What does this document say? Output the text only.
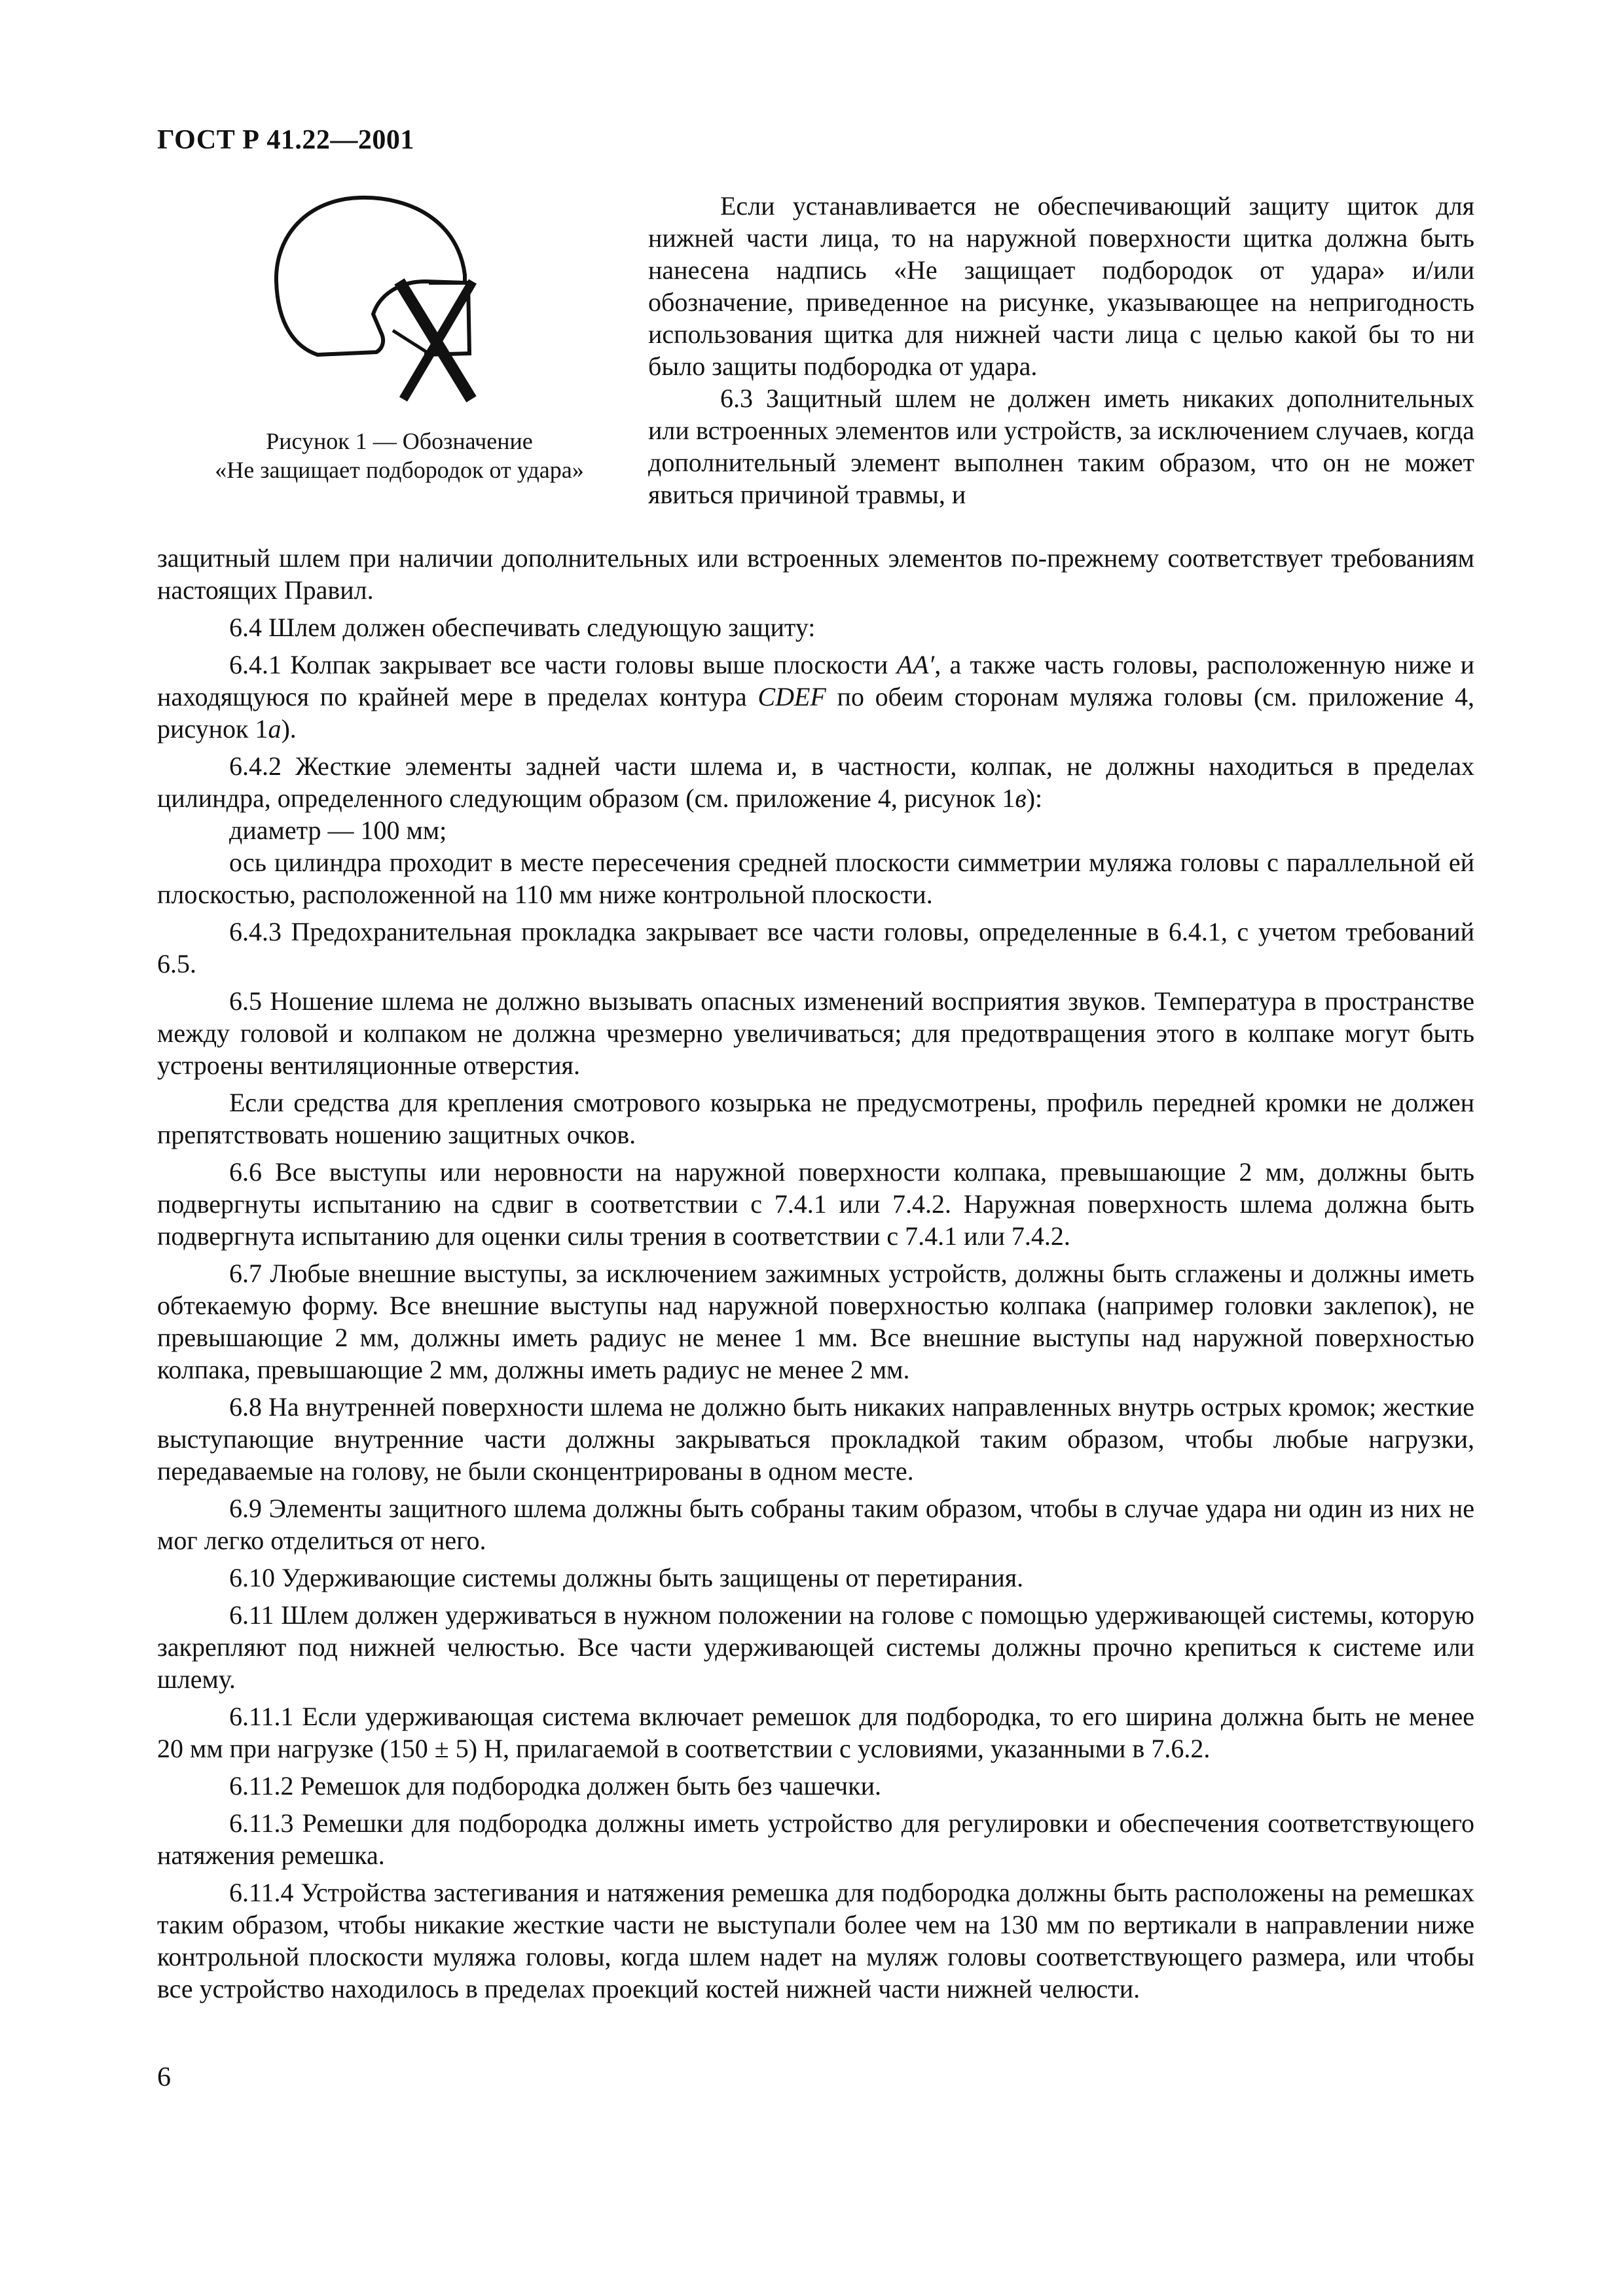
ГОСТ Р 41.22—2001
Рисунок 1 — Обозначение
«Не защищает подбородок от удара»

Если устанавливается не обеспечивающий защиту щиток для нижней части лица, то на наружной поверхности щитка должна быть нанесена надпись «Не защищает подбородок от удара» и/или обозначение, приведенное на рисунке, указывающее на непригодность использования щитка для нижней части лица с целью какой бы то ни было защиты подбородка от удара.

6.3 Защитный шлем не должен иметь никаких дополнительных или встроенных элементов или устройств, за исключением случаев, когда дополнительный элемент выполнен таким образом, что он не может явиться причиной травмы, и

защитный шлем при наличии дополнительных или встроенных элементов по-прежнему соответствует требованиям настоящих Правил.

6.4 Шлем должен обеспечивать следующую защиту:

6.4.1 Колпак закрывает все части головы выше плоскости AA′, а также часть головы, расположенную ниже и находящуюся по крайней мере в пределах контура CDEF по обеим сторонам муляжа головы (см. приложение 4, рисунок 1а).

6.4.2 Жесткие элементы задней части шлема и, в частности, колпак, не должны находиться в пределах цилиндра, определенного следующим образом (см. приложение 4, рисунок 1в):

диаметр — 100 мм;

ось цилиндра проходит в месте пересечения средней плоскости симметрии муляжа головы с параллельной ей плоскостью, расположенной на 110 мм ниже контрольной плоскости.

6.4.3 Предохранительная прокладка закрывает все части головы, определенные в 6.4.1, с учетом требований 6.5.

6.5 Ношение шлема не должно вызывать опасных изменений восприятия звуков. Температура в пространстве между головой и колпаком не должна чрезмерно увеличиваться; для предотвращения этого в колпаке могут быть устроены вентиляционные отверстия.

Если средства для крепления смотрового козырька не предусмотрены, профиль передней кромки не должен препятствовать ношению защитных очков.

6.6 Все выступы или неровности на наружной поверхности колпака, превышающие 2 мм, должны быть подвергнуты испытанию на сдвиг в соответствии с 7.4.1 или 7.4.2. Наружная поверхность шлема должна быть подвергнута испытанию для оценки силы трения в соответствии с 7.4.1 или 7.4.2.

6.7 Любые внешние выступы, за исключением зажимных устройств, должны быть сглажены и должны иметь обтекаемую форму. Все внешние выступы над наружной поверхностью колпака (например головки заклепок), не превышающие 2 мм, должны иметь радиус не менее 1 мм. Все внешние выступы над наружной поверхностью колпака, превышающие 2 мм, должны иметь радиус не менее 2 мм.

6.8 На внутренней поверхности шлема не должно быть никаких направленных внутрь острых кромок; жесткие выступающие внутренние части должны закрываться прокладкой таким образом, чтобы любые нагрузки, передаваемые на голову, не были сконцентрированы в одном месте.

6.9 Элементы защитного шлема должны быть собраны таким образом, чтобы в случае удара ни один из них не мог легко отделиться от него.

6.10 Удерживающие системы должны быть защищены от перетирания.

6.11 Шлем должен удерживаться в нужном положении на голове с помощью удерживающей системы, которую закрепляют под нижней челюстью. Все части удерживающей системы должны прочно крепиться к системе или шлему.

6.11.1 Если удерживающая система включает ремешок для подбородка, то его ширина должна быть не менее 20 мм при нагрузке (150 ± 5) Н, прилагаемой в соответствии с условиями, указанными в 7.6.2.

6.11.2 Ремешок для подбородка должен быть без чашечки.

6.11.3 Ремешки для подбородка должны иметь устройство для регулировки и обеспечения соответствующего натяжения ремешка.

6.11.4 Устройства застегивания и натяжения ремешка для подбородка должны быть расположены на ремешках таким образом, чтобы никакие жесткие части не выступали более чем на 130 мм по вертикали в направлении ниже контрольной плоскости муляжа головы, когда шлем надет на муляж головы соответствующего размера, или чтобы все устройство находилось в пределах проекций костей нижней части нижней челюсти.

6
